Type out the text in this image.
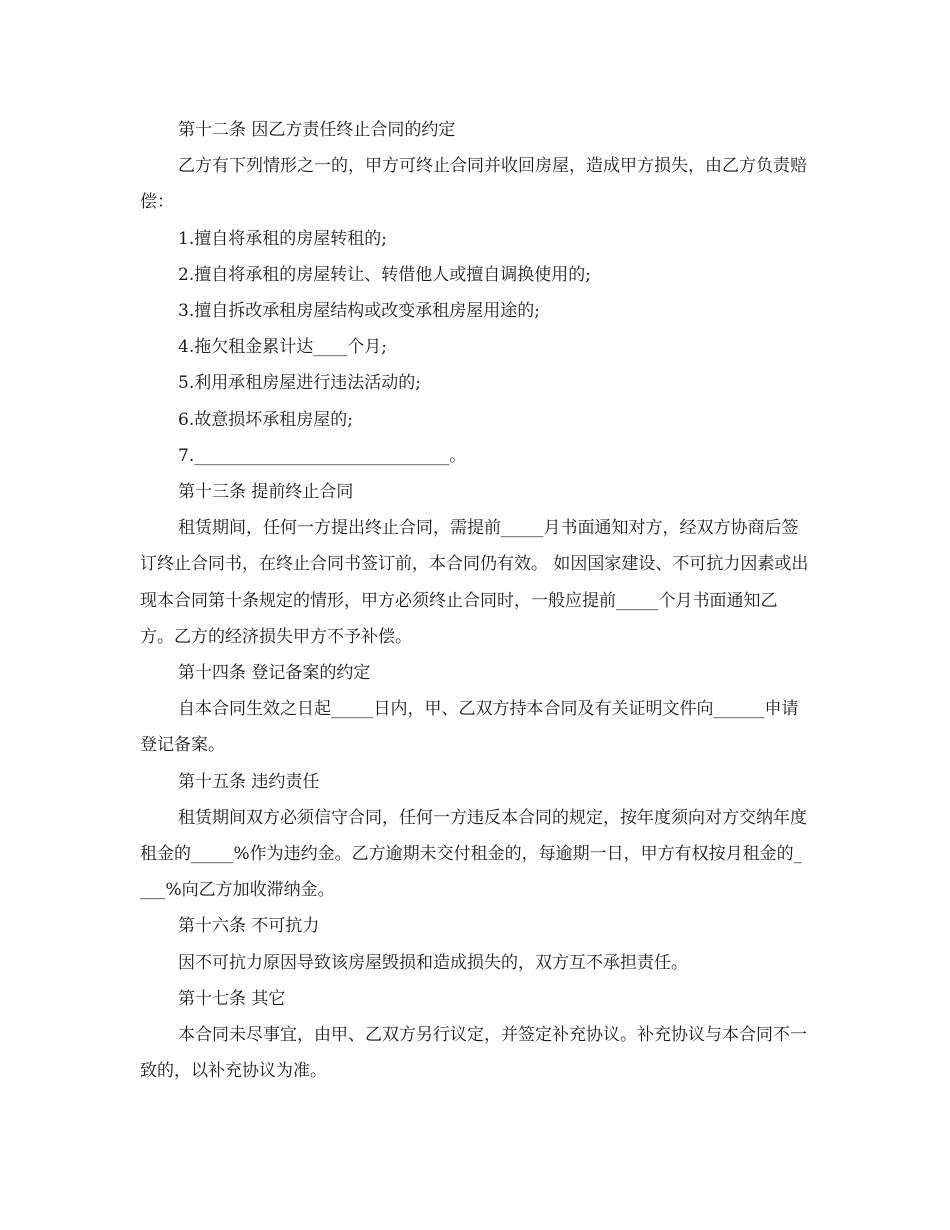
第十二条 因乙方责任终止合同的约定

乙方有下列情形之一的，甲方可终止合同并收回房屋，造成甲方损失，由乙方负责赔偿：

1.擅自将承租的房屋转租的;

2.擅自将承租的房屋转让、转借他人或擅自调换使用的;

3.擅自拆改承租房屋结构或改变承租房屋用途的;

4.拖欠租金累计达____个月;

5.利用承租房屋进行违法活动的;

6.故意损坏承租房屋的;

7.______________________________。

第十三条 提前终止合同

租赁期间，任何一方提出终止合同，需提前_____月书面通知对方，经双方协商后签订终止合同书，在终止合同书签订前，本合同仍有效。 如因国家建设、不可抗力因素或出现本合同第十条规定的情形，甲方必须终止合同时，一般应提前_____个月书面通知乙方。乙方的经济损失甲方不予补偿。

第十四条 登记备案的约定

自本合同生效之日起_____日内，甲、乙双方持本合同及有关证明文件向______申请登记备案。

第十五条 违约责任

租赁期间双方必须信守合同，任何一方违反本合同的规定，按年度须向对方交纳年度租金的_____%作为违约金。乙方逾期未交付租金的，每逾期一日，甲方有权按月租金的____%向乙方加收滞纳金。

第十六条 不可抗力

因不可抗力原因导致该房屋毁损和造成损失的，双方互不承担责任。

第十七条 其它

本合同未尽事宜，由甲、乙双方另行议定，并签定补充协议。补充协议与本合同不一致的，以补充协议为准。
